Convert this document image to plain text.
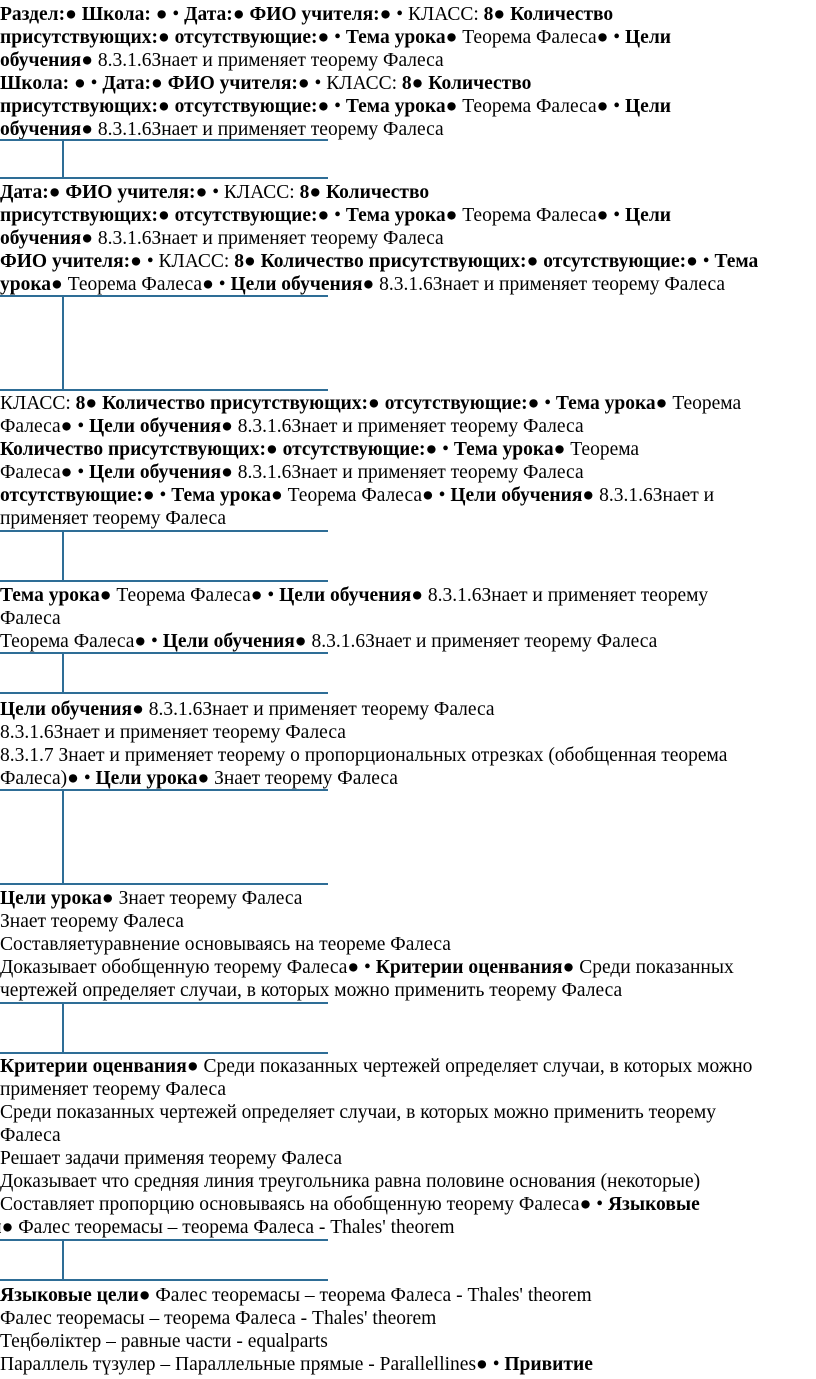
Раздел:● Школа: ● • Дата:● ФИО учителя:● • КЛАСС: 8● Количество
присутствующих:● отсутствующие:● • Тема урока● Теорема Фалеса● • Цели
обучения● 8.3.1.6Знает и применяет теорему Фалеса
Школа: ● • Дата:● ФИО учителя:● • КЛАСС: 8● Количество
присутствующих:● отсутствующие:● • Тема урока● Теорема Фалеса● • Цели
обучения● 8.3.1.6Знает и применяет теорему Фалеса
Дата:● ФИО учителя:● • КЛАСС: 8● Количество
присутствующих:● отсутствующие:● • Тема урока● Теорема Фалеса● • Цели
обучения● 8.3.1.6Знает и применяет теорему Фалеса
ФИО учителя:● • КЛАСС: 8● Количество присутствующих:● отсутствующие:● • Тема
урока● Теорема Фалеса● • Цели обучения● 8.3.1.6Знает и применяет теорему Фалеса
КЛАСС: 8● Количество присутствующих:● отсутствующие:● • Тема урока● Теорема
Фалеса● • Цели обучения● 8.3.1.6Знает и применяет теорему Фалеса
Количество присутствующих:● отсутствующие:● • Тема урока● Теорема
Фалеса● • Цели обучения● 8.3.1.6Знает и применяет теорему Фалеса
отсутствующие:● • Тема урока● Теорема Фалеса● • Цели обучения● 8.3.1.6Знает и
применяет теорему Фалеса
Тема урока● Теорема Фалеса● • Цели обучения● 8.3.1.6Знает и применяет теорему
Фалеса
Теорема Фалеса● • Цели обучения● 8.3.1.6Знает и применяет теорему Фалеса
Цели обучения● 8.3.1.6Знает и применяет теорему Фалеса
8.3.1.6Знает и применяет теорему Фалеса
8.3.1.7 Знает и применяет теорему о пропорциональных отрезках (обобщенная теорема
Фалеса)● • Цели урока● Знает теорему Фалеса
Цели урока● Знает теорему Фалеса
Знает теорему Фалеса
Составляетуравнение основываясь на теореме Фалеса
Доказывает обобщенную теорему Фалеса● • Критерии оценвания● Среди показанных
чертежей определяет случаи, в которых можно применить теорему Фалеса
Критерии оценвания● Среди показанных чертежей определяет случаи, в которых можно
применяет теорему Фалеса
Среди показанных чертежей определяет случаи, в которых можно применить теорему
Фалеса
Решает задачи применяя теорему Фалеса
Доказывает что средняя линия треугольника равна половине основания (некоторые)
Составляет пропорцию основываясь на обобщенную теорему Фалеса● • Языковые
● Фалес теоремасы – теорема Фалеса - Thales' theorem
Языковые цели● Фалес теоремасы – теорема Фалеса - Thales' theorem
Фалес теоремасы – теорема Фалеса - Thales' theorem
Теңбөліктер – равные части - equalparts
Параллель түзулер – Параллельные прямые - Parallellines● • Привитие
